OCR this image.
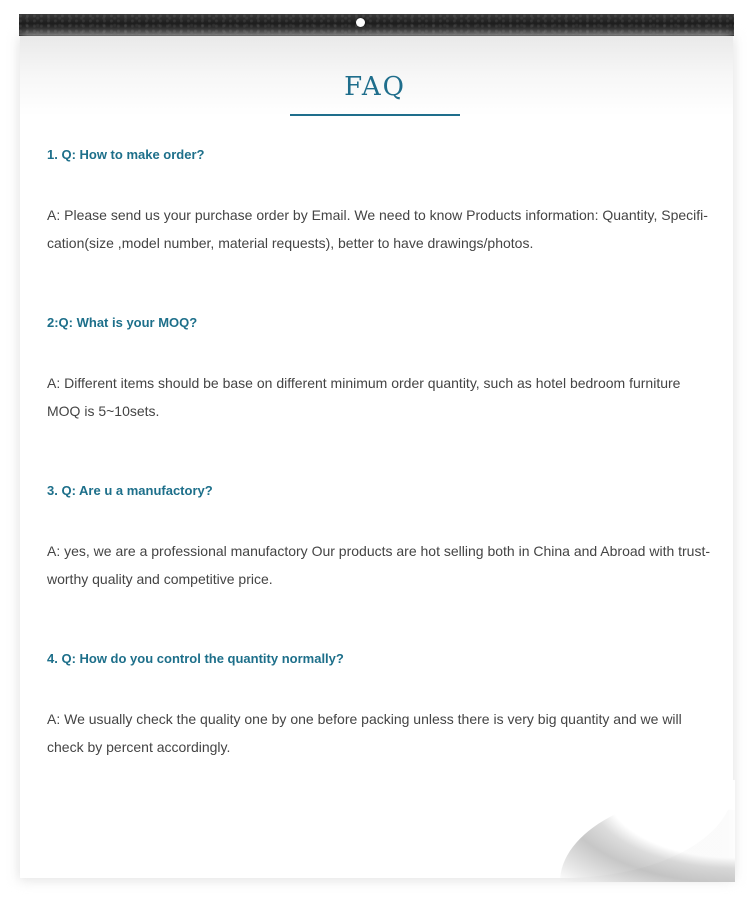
FAQ
1. Q: How to make order?
A: Please send us your purchase order by Email. We need to know Products information: Quantity, Specifi- cation(size ,model number, material requests), better to have drawings/photos.
2:Q: What is your MOQ?
A: Different items should be base on different minimum order quantity, such as hotel bedroom furniture MOQ is 5~10sets.
3. Q: Are u a manufactory?
A: yes, we are a professional manufactory Our products are hot selling both in China and Abroad with trust- worthy quality and competitive price.
4. Q: How do you control the quantity normally?
A: We usually check the quality one by one before packing unless there is very big quantity and we will check by percent accordingly.
